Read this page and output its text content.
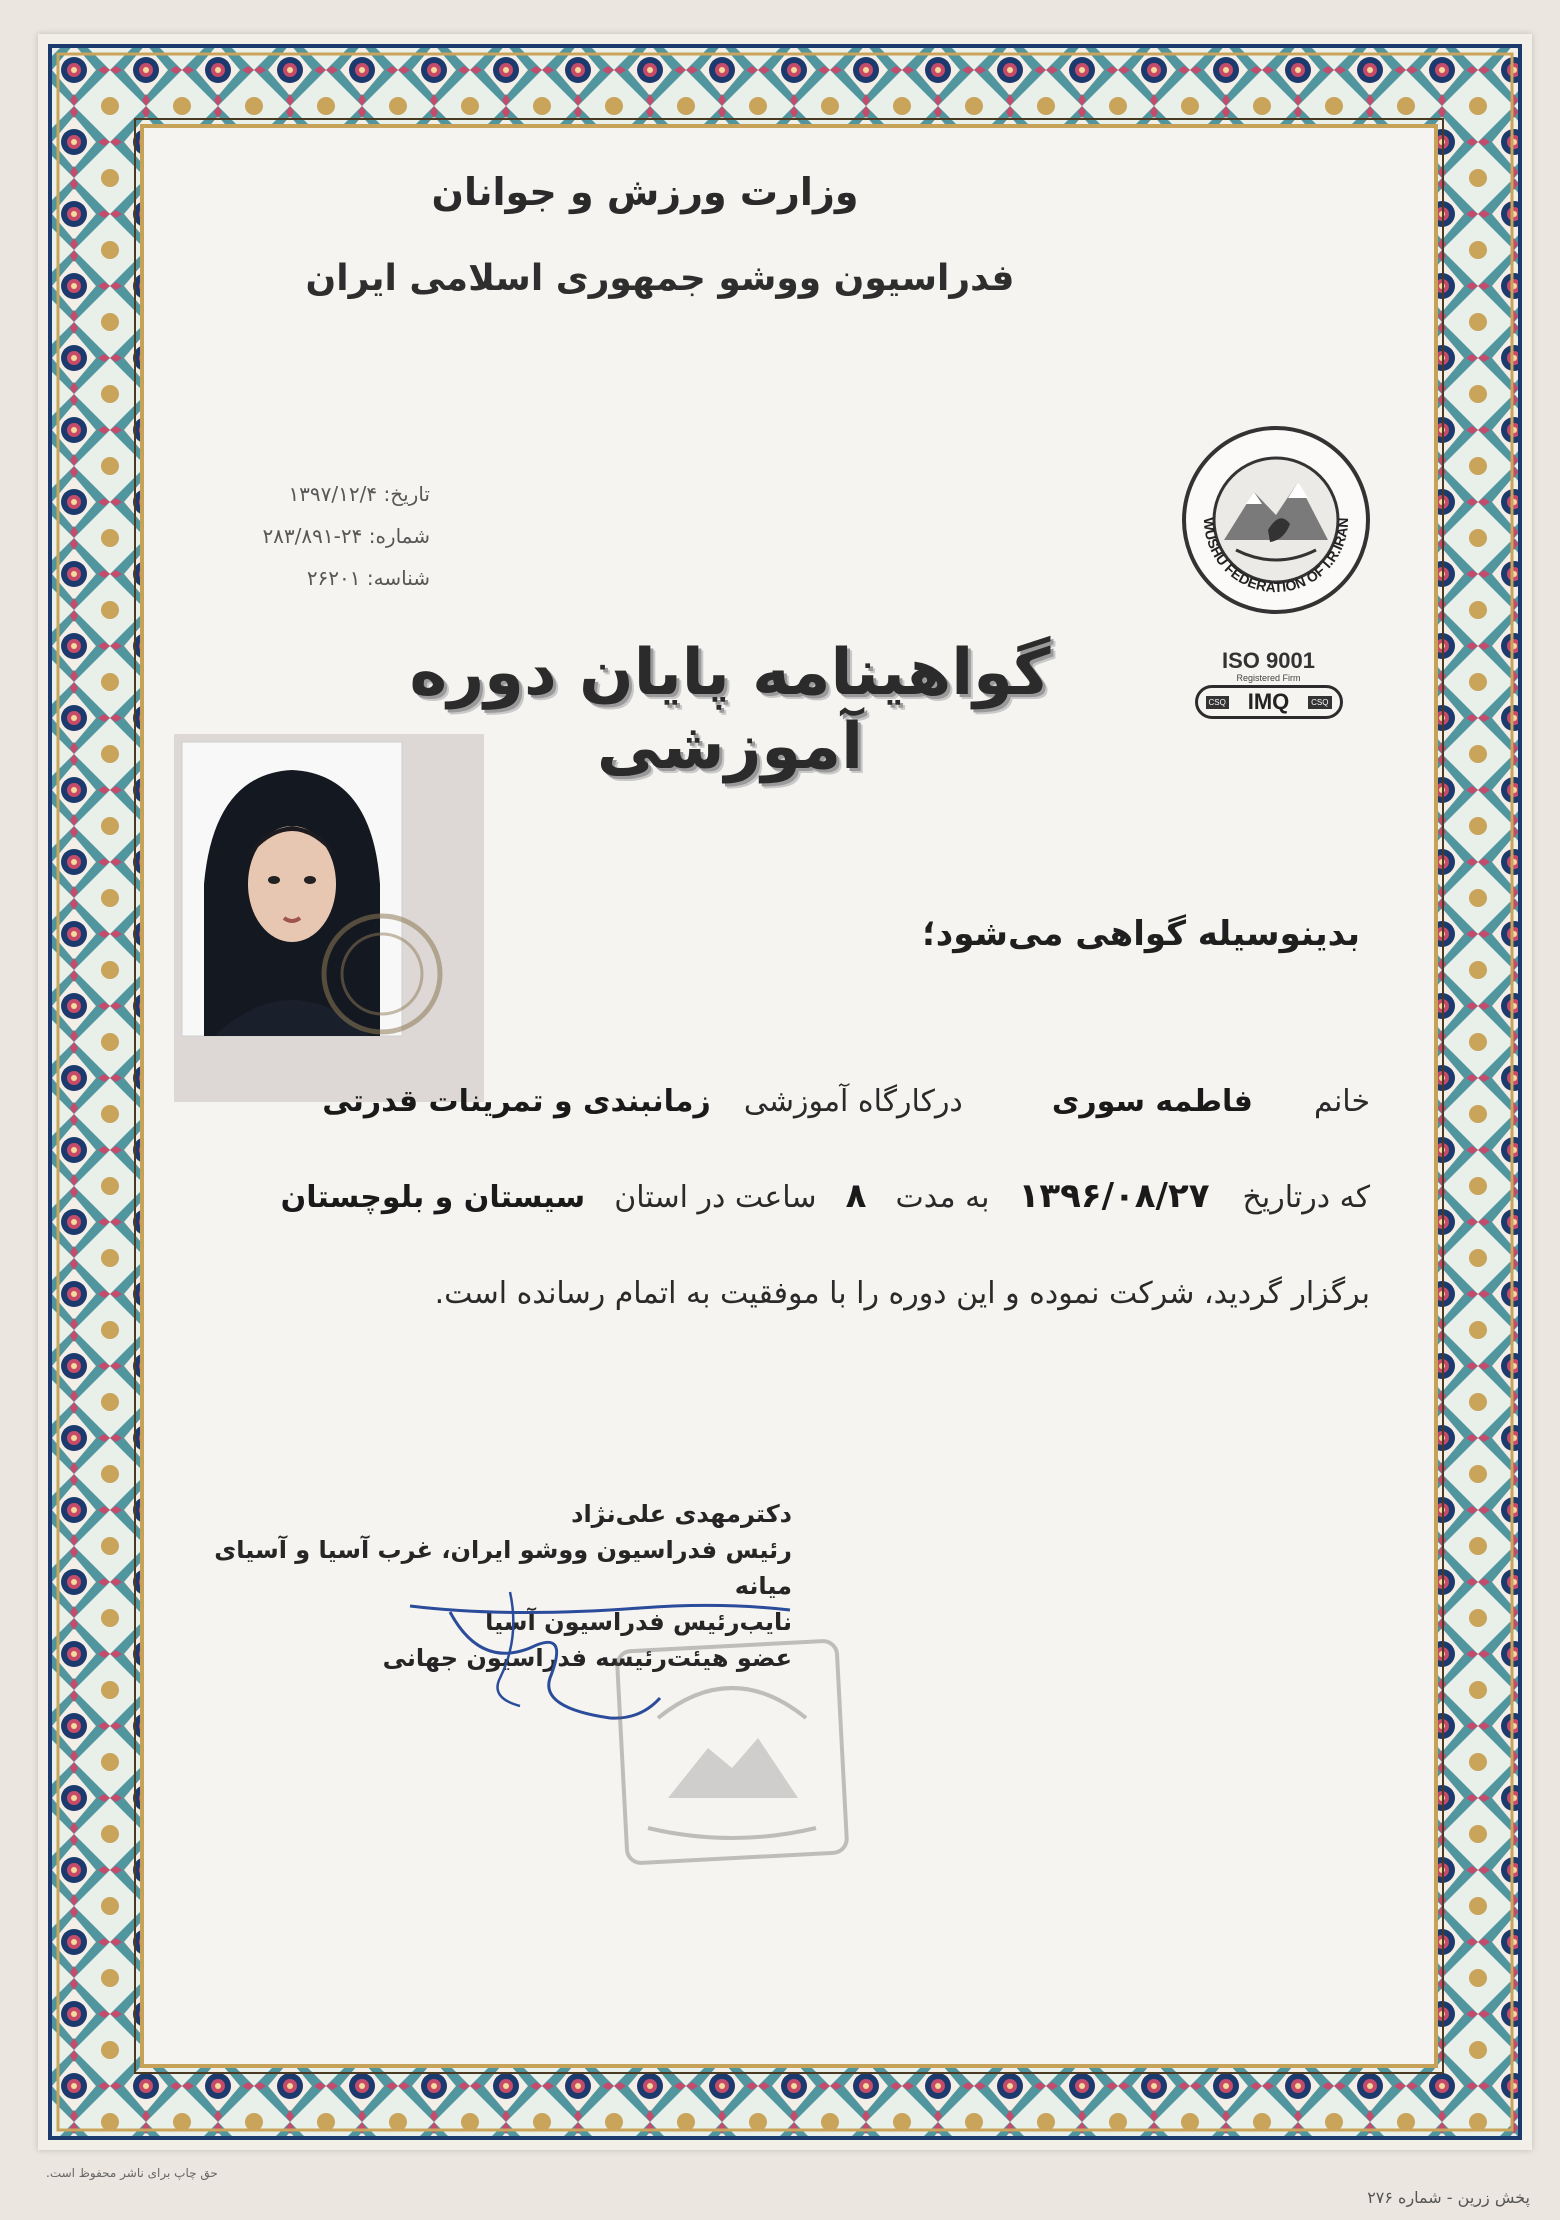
وزارت ورزش و جوانان
فدراسیون ووشو جمهوری اسلامی ایران
تاریخ: ۱۳۹۷/۱۲/۴
شماره: ۲۴-۲۸۳/۸۹۱
شناسه: ۲۶۲۰۱
WUSHU FEDERATION OF I.R.IRAN
ISO 9001
Registered Firm
CSQ IMQ	CSQ
گواهینامه پایان دوره آموزشی
بدینوسیله گواهی می‌شود؛
خانم  فاطمه سوری  درکارگاه آموزشی  زمانبندی و تمرینات قدرتی
که درتاریخ  ۱۳۹۶/۰۸/۲۷  به مدت  ۸  ساعت در استان  سیستان و بلوچستان
برگزار گردید، شرکت نموده و این دوره را با موفقیت به اتمام رسانده است.
دکترمهدی علی‌نژاد
رئیس فدراسیون ووشو ایران، غرب آسیا و آسیای میانه
نایب‌رئیس فدراسیون آسیا
عضو هیئت‌رئیسه فدراسیون جهانی
حق چاپ برای ناشر محفوظ است.
پخش زرین - شماره ۲۷۶
